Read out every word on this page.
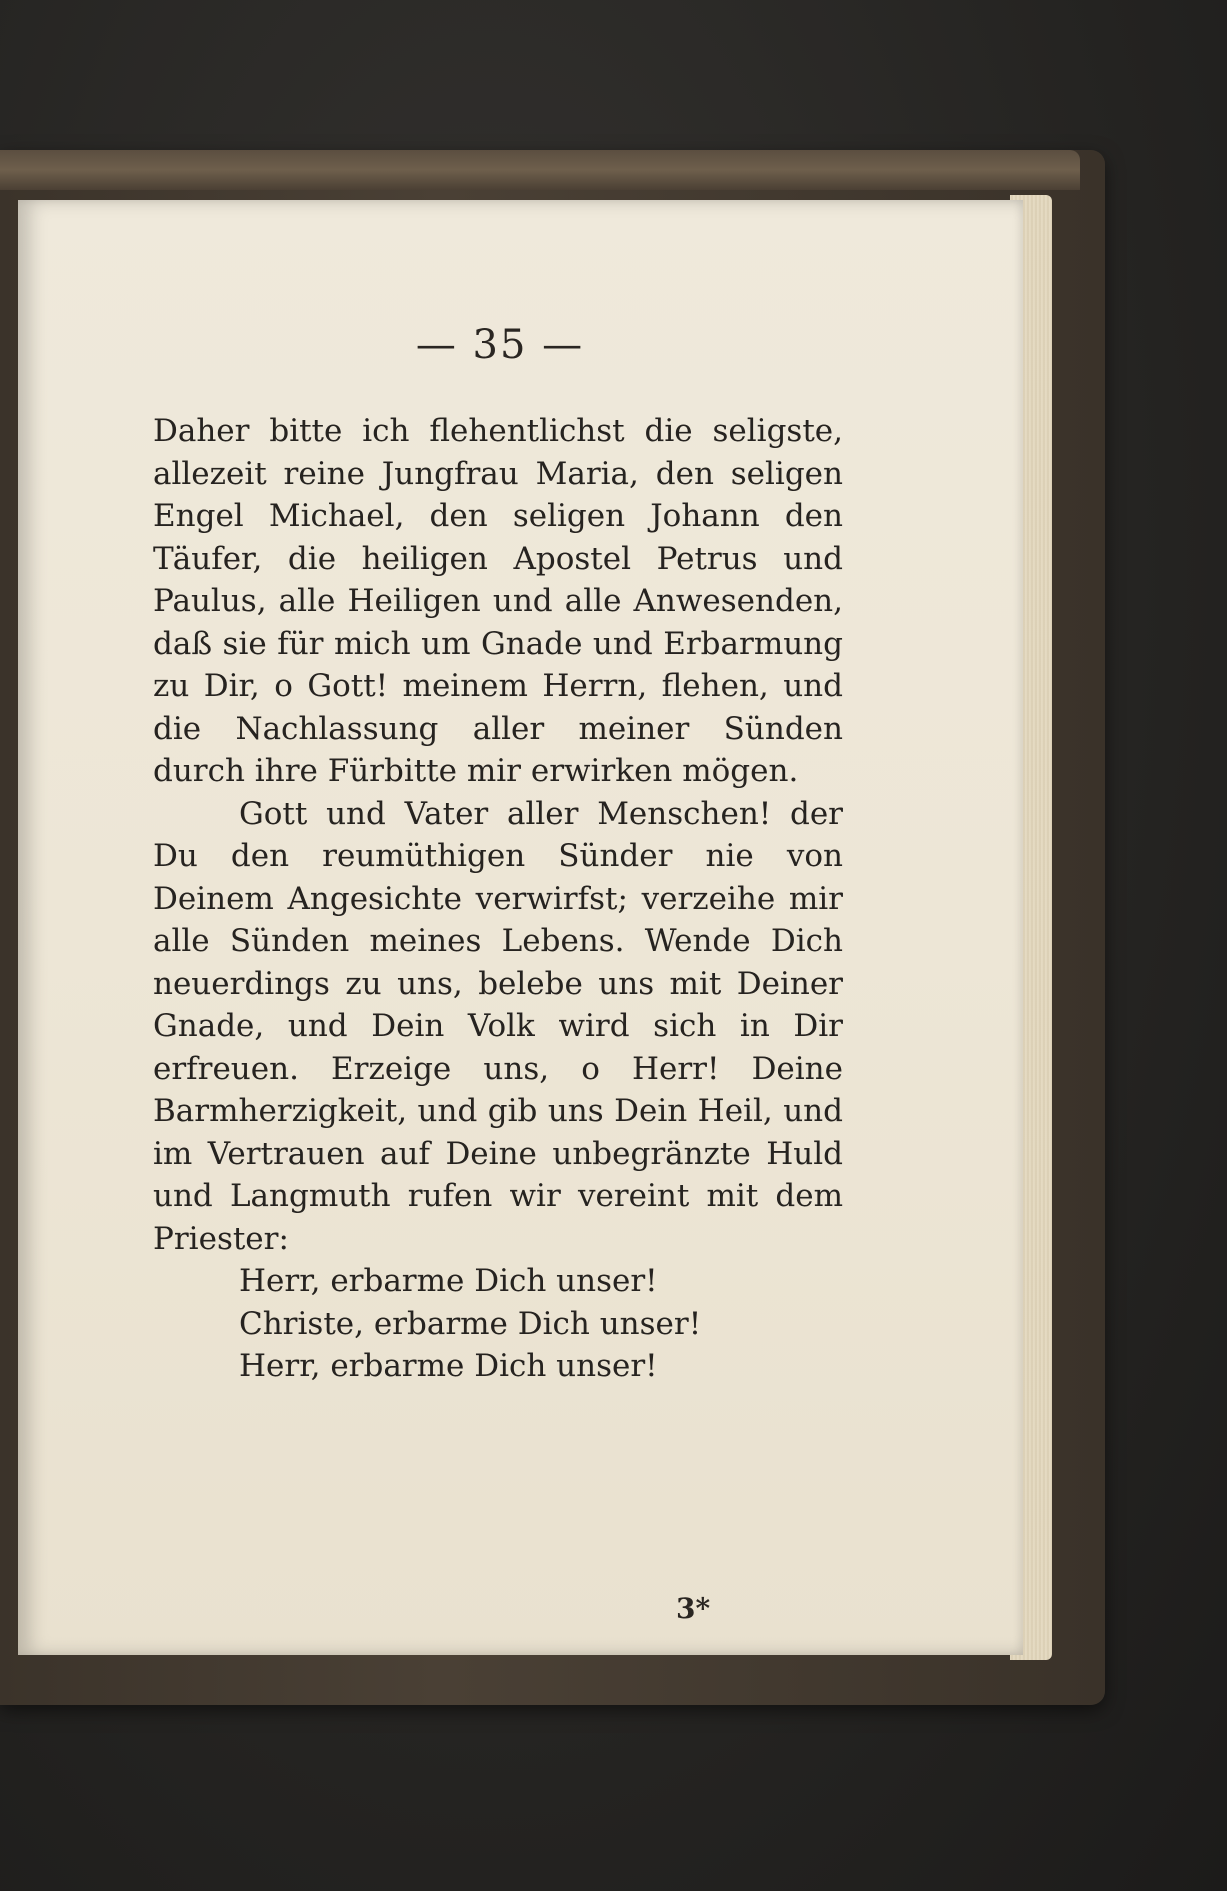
— 35 —

Daher bitte ich flehentlichst die seligste, allezeit reine Jungfrau Maria, den seligen Engel Michael, den seligen Johann den Täufer, die heiligen Apostel Petrus und Paulus, alle Heiligen und alle Anwesenden, daß sie für mich um Gnade und Erbarmung zu Dir, o Gott! meinem Herrn, flehen, und die Nachlassung aller meiner Sünden durch ihre Fürbitte mir erwirken mögen.

Gott und Vater aller Menschen! der Du den reumüthigen Sünder nie von Deinem Angesichte verwirfst; verzeihe mir alle Sünden meines Lebens. Wende Dich neuerdings zu uns, belebe uns mit Deiner Gnade, und Dein Volk wird sich in Dir erfreuen. Erzeige uns, o Herr! Deine Barmherzigkeit, und gib uns Dein Heil, und im Vertrauen auf Deine unbegränzte Huld und Langmuth rufen wir vereint mit dem Priester:

Herr, erbarme Dich unser!

Christe, erbarme Dich unser!

Herr, erbarme Dich unser!

3*
